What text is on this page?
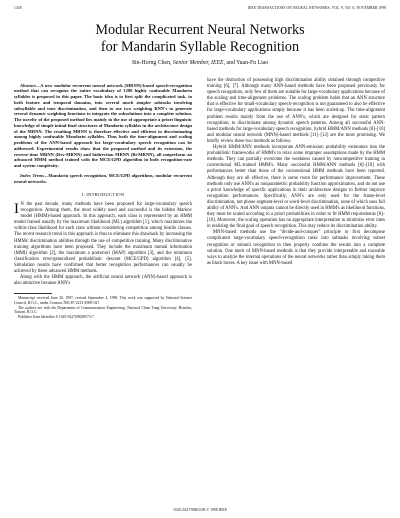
1438	IEEE TRANSACTIONS ON NEURAL NETWORKS, VOL. 9, NO. 6, NOVEMBER 1998
Modular Recurrent Neural Networks
for Mandarin Syllable Recognition
Sin-Horng Chen, Senior Member, IEEE, and Yuan-Fu Liao

Abstract—A new modular recurrent neural network (MRNN)-based speech-recognition method that can recognize the entire vocabulary of 1280 highly confusable Mandarin syllables is proposed in this paper. The basic idea is to first split the complicated task, in both feature and temporal domains, into several much simpler subtasks involving subsyllable and tone discrimination, and then to use two weighting RNN's to generate several dynamic weighting functions to integrate the subsolutions into a complete solution. The novelty of the proposed method lies mainly in the use of appropriate a priori linguistic knowledge of simple initial-final structures of Mandarin syllables in the architecture design of the MRNN. The resulting MRNN is therefore effective and efficient in discriminating among highly confusable Mandarin syllables. Thus both the time-alignment and scaling problems of the ANN-based approach for large-vocabulary speech recognition can be addressed. Experimental results show that the proposed method and its extension, the reverse-time MRNN (Rev-MRNN) and bidirection MRNN (Bi-MRNN), all outperform an advanced HMM method trained with the MCE/GPD algorithm in both recognition-rate and system complexity.

Index Terms—Mandarin speech recognition, MCE/GPD algorithms, modular recurrent neural networks.

I. INTRODUCTION

I N the past decade, many methods have been proposed for large-vocabulary speech recognition. Among them, the most widely used and successful is the hidden Markov model (HMM)-based approach. In this approach, each class is represented by an HMM model trained usually by the maximum likelihood (ML) algorithm [1], which maximizes the within-class likelihood for each class without considering competition among hostile classes. The recent research trend in this approach is thus to eliminate this drawback by increasing the HMMs' discrimination abilities through the use of competitive training. Many discriminative training algorithms have been proposed. They include the maximum mutual information (MMI) algorithm [2], the maximum a posteriori (MAP) algorithm [3], and the minimum classification error/generalized probabilistic descent (MCE/GPD) algorithm [4], [5]. Simulation results have confirmed that better recognition performances can usually be achieved by these advanced HMM methods.

Along with the HMM approach, the artificial neural network (ANN)-based approach is also attractive because ANN's

Manuscript received June 20, 1997; revised September 4, 1998. This work was supported by National Science Council, R.O.C., under Contract NSC87-2213-E009-027.

The authors are with the Department of Communication Engineering, National Chiao Tung University, Hsinchu, Taiwan, R.O.C.

Publisher Item Identifier S 1045-9227(98)08573-7.

have the distinction of possessing high discrimination ability obtained through competitive training [6], [7]. Although many ANN-based methods have been proposed previously for speech recognition, only few of them are suitable for large-vocabulary applications because of the scaling and time-alignment problems. The scaling problem holds that an ANN structure that is effective for small-vocabulary speech-recognition is not guaranteed to also be effective for large-vocabulary applications simply because it has been scaled-up. The time-alignment problem results mainly from the use of ANN's, which are designed for static pattern recognition, to discriminate among dynamic speech patterns. Among all successful ANN-based methods for large-vocabulary speech recognition, hybrid HMM/ANN methods [8]–[10] and modular neural network (MNN)-based methods [11]–[12] are the most promising. We briefly review these two methods as follows.

Hybrid HMM/ANN methods incorporate ANN-emission probability estimators into the probabilistic frameworks of HMM's to relax some improper assumptions made by the HMM methods. They can partially overcome the weakness caused by noncompetitive training in conventional ML-trained HMM's. Many successful HMM/ANN methods [8]–[10] with performances better than those of the conventional HMM methods have been reported. Although they are all effective, there is some room for performance improvement. These methods only use ANN's as nonparametric probability function approximators, and do not use a priori knowledge of specific applications in their architecture designs to further improve recognition performances. Specifically, ANN's are only used for the frame-level discrimination, not phone segment-level or word-level discrimination, none of which uses full ability of ANN's. And ANN outputs cannot be directly used in HMM's as likelihood functions, they must be scaled according to a priori probabilities in order to fit HMM requirements [8]–[10]. Moreover, the scaling operation has no appropriate interpretation to minimize error rates in realizing the final goal of speech recognition. This may reduce its discrimination ability.

MNN-based methods use the "divide-and-conquer" principle to first decompose complicated large-vocabulary speech-recognition tasks into subtasks involving subset recognition or subunit recognition to then properly combine the results into a complete solution. One merit of MNN-based methods is that they provide interpretable and traceable ways to analyze the internal operations of the neural networks rather than simply taking them as black boxes. A key issue with MNN-based

1045–9227/98$10.00 © 1998 IEEE
